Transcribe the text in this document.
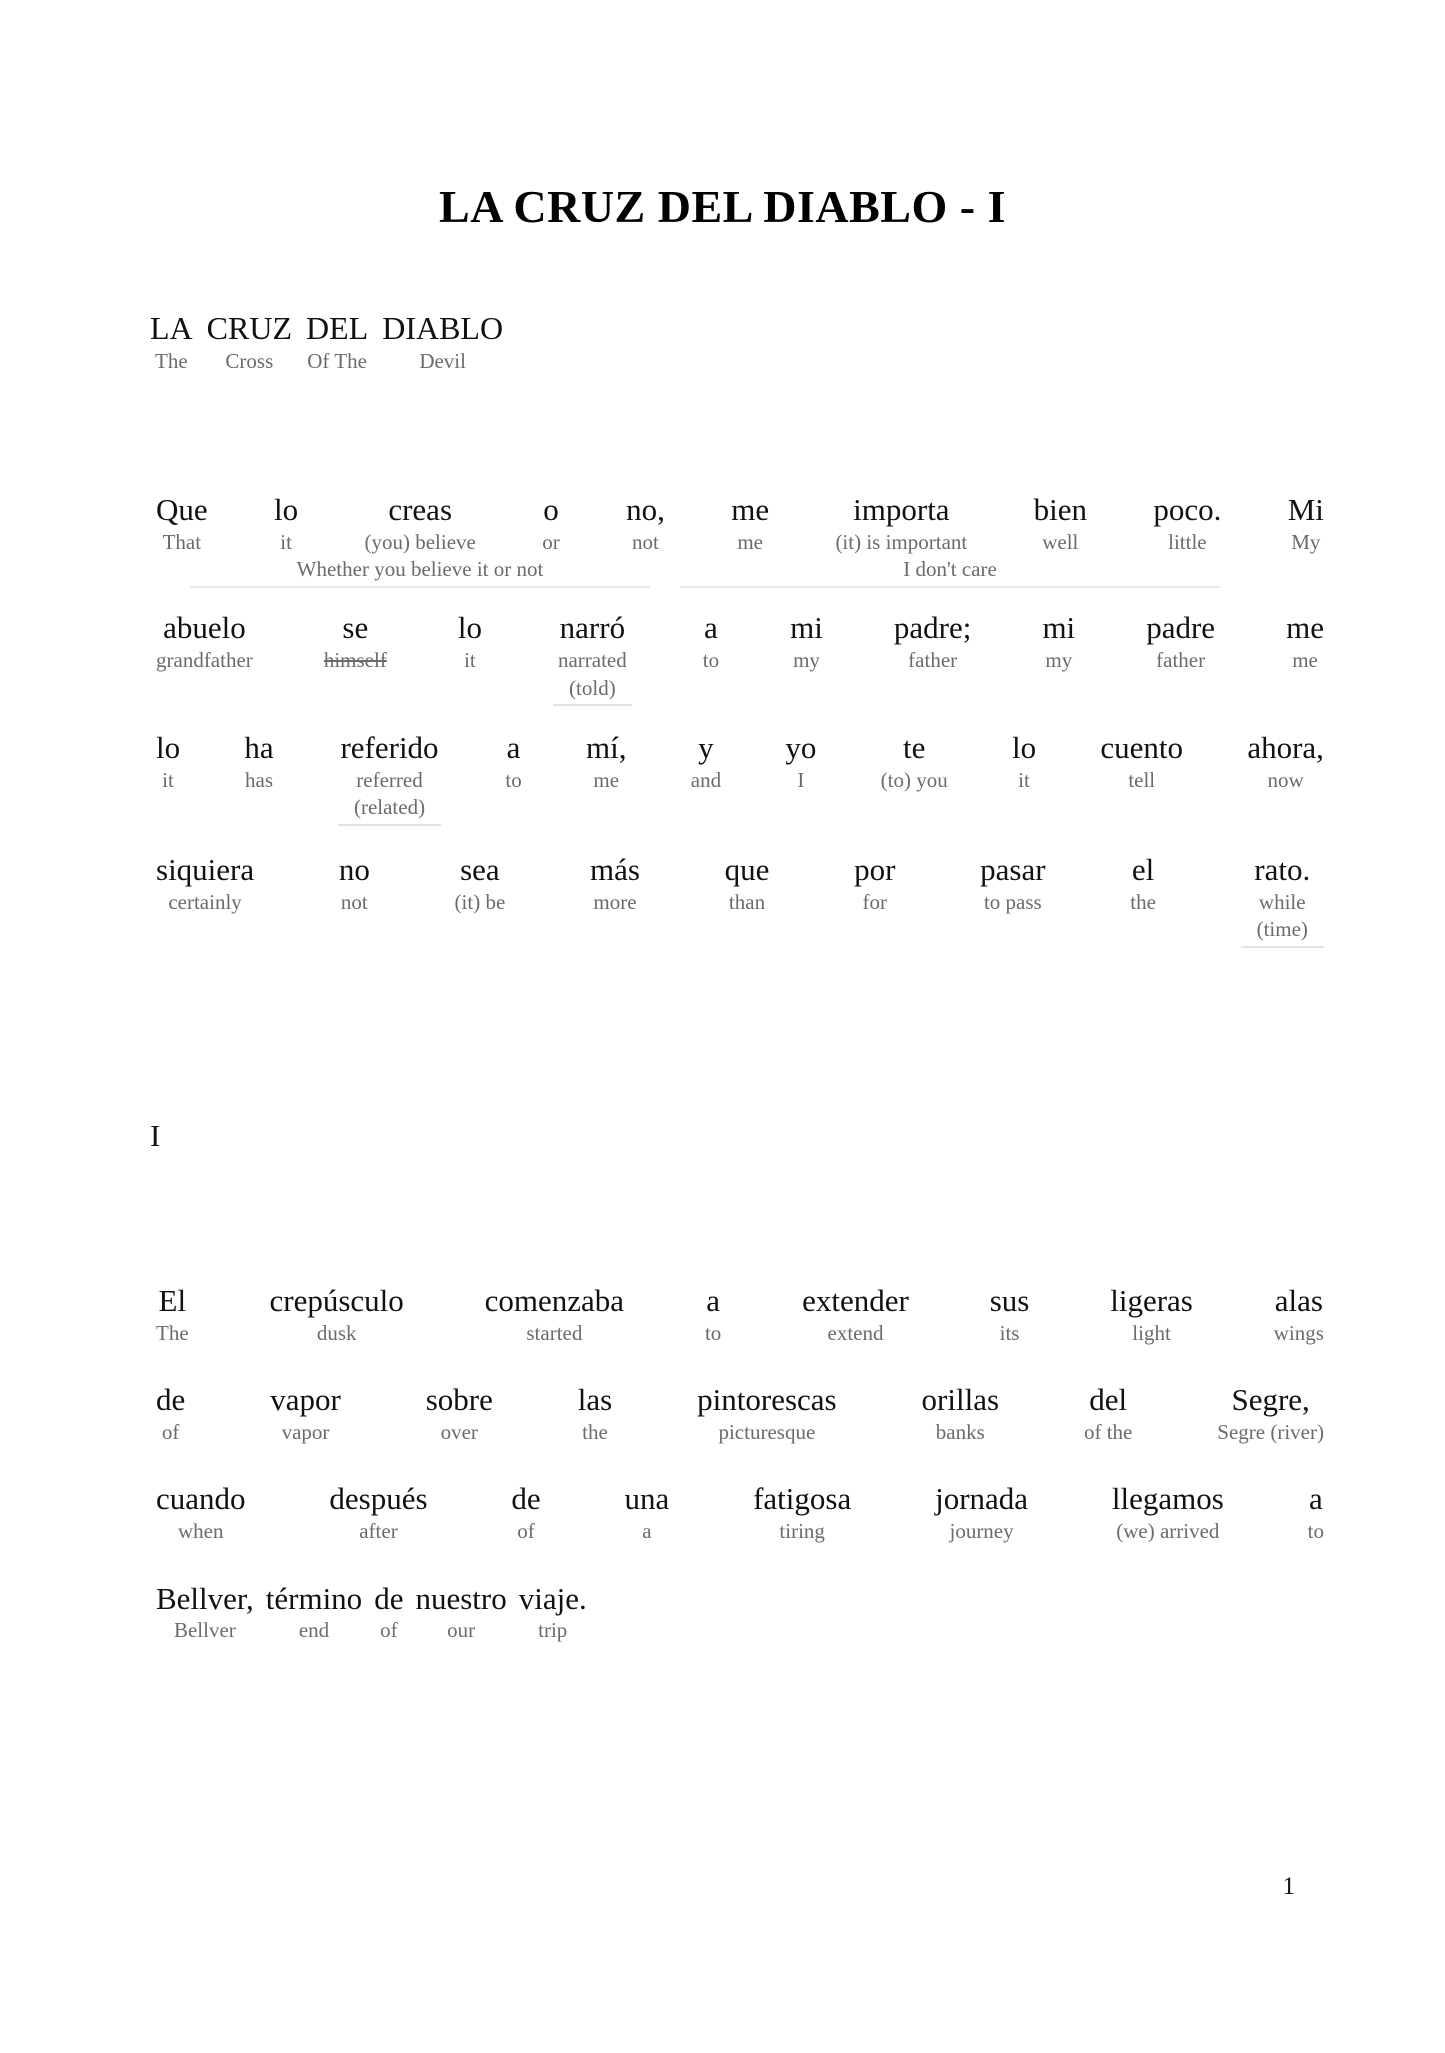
LA CRUZ DEL DIABLO - I
LA
The
CRUZ
Cross
DEL
Of The
DIABLO
Devil
Que
That
lo
it
creas
(you) believe
o
or
no,
not
me
me
importa
(it) is important
bien
well
poco.
little
Mi
My
Whether you believe it or not	I don't care
abuelo
grandfather
se
himself
lo
it
narró
narrated
(told)
a
to
mi
my
padre;
father
mi
my
padre
father
me
me
lo
it
ha
has
referido
referred
(related)
a
to
mí,
me
y
and
yo
I
te
(to) you
lo
it
cuento
tell
ahora,
now
siquiera
certainly
no
not
sea
(it) be
más
more
que
than
por
for
pasar
to pass
el
the
rato.
while
(time)
I
El
The
crepúsculo
dusk
comenzaba
started
a
to
extender
extend
sus
its
ligeras
light
alas
wings
de
of
vapor
vapor
sobre
over
las
the
pintorescas
picturesque
orillas
banks
del
of the
Segre,
Segre (river)
cuando
when
después
after
de
of
una
a
fatigosa
tiring
jornada
journey
llegamos
(we) arrived
a
to
Bellver,
Bellver
término
end
de
of
nuestro
our
viaje.
trip
1
